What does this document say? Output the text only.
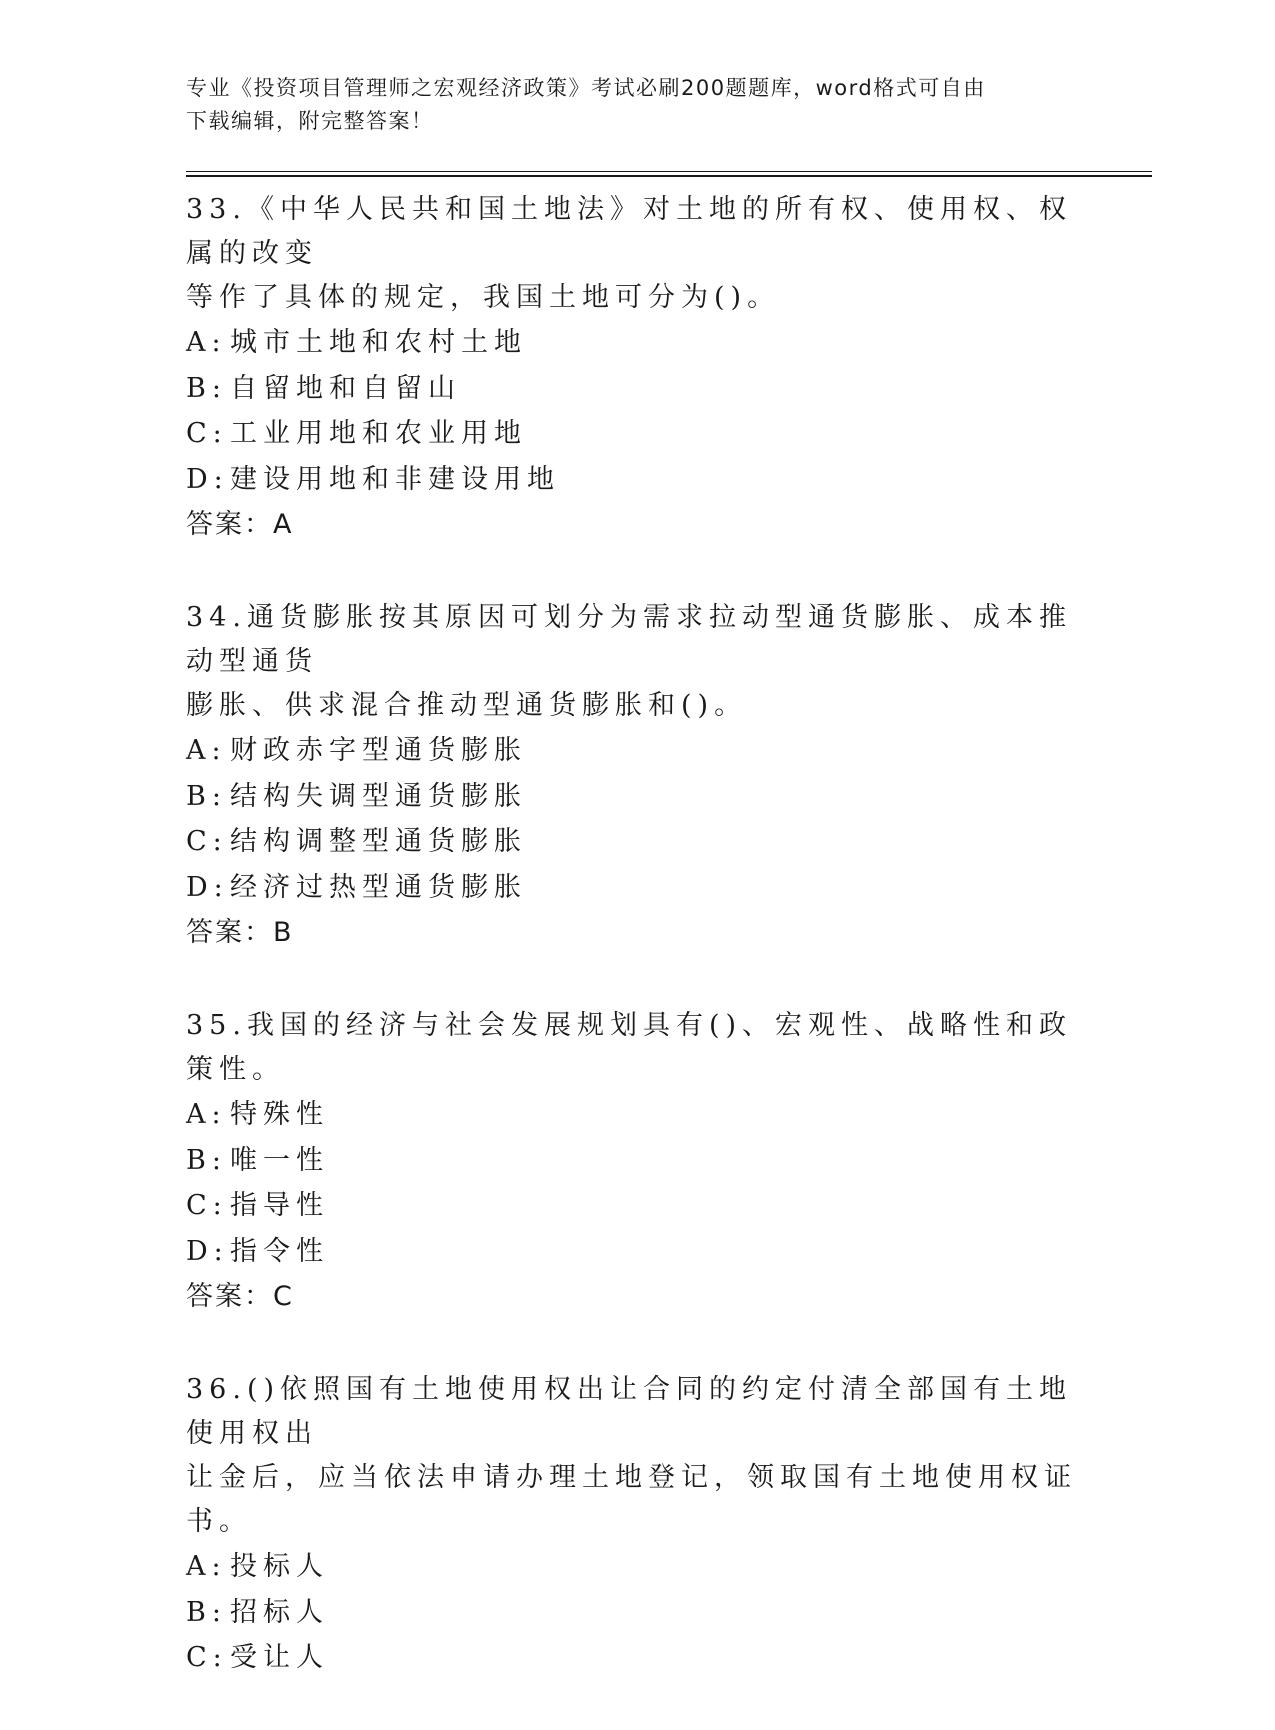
专业《投资项目管理师之宏观经济政策》考试必刷200题题库，word格式可自由
下载编辑，附完整答案！

33.《中华人民共和国土地法》对土地的所有权、使用权、权属的改变
等作了具体的规定，我国土地可分为()。

A: 城市土地和农村土地

B: 自留地和自留山

C: 工业用地和农业用地

D: 建设用地和非建设用地

答案：A

34.通货膨胀按其原因可划分为需求拉动型通货膨胀、成本推动型通货
膨胀、供求混合推动型通货膨胀和()。

A: 财政赤字型通货膨胀

B: 结构失调型通货膨胀

C: 结构调整型通货膨胀

D: 经济过热型通货膨胀

答案：B

35.我国的经济与社会发展规划具有()、宏观性、战略性和政策性。

A: 特殊性

B: 唯一性

C: 指导性

D: 指令性

答案：C

36.()依照国有土地使用权出让合同的约定付清全部国有土地使用权出
让金后，应当依法申请办理土地登记，领取国有土地使用权证书。

A: 投标人

B: 招标人

C: 受让人
